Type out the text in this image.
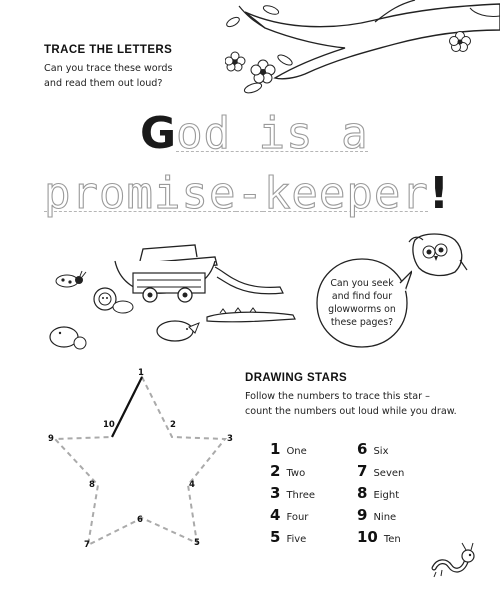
TRACE THE LETTERS
Can you trace these words
and read them out loud?
God is a
promise-keeper!
Can you seek
and find four
glowworms on
these pages?
1
2
3
4
5
6
7
8
9
10
DRAWING STARS
Follow the numbers to trace this star –
count the numbers out loud while you draw.
1 One
2 Two
3 Three
4 Four
5 Five
6 Six
7 Seven
8 Eight
9 Nine
10 Ten
